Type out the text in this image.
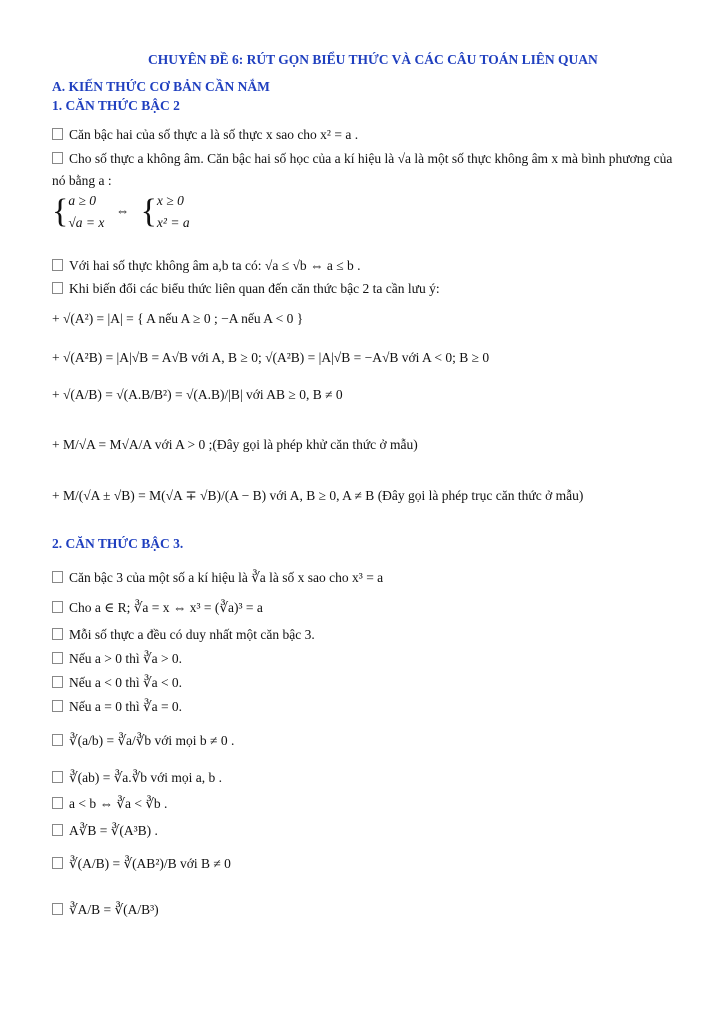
CHUYÊN ĐỀ 6: RÚT GỌN BIỂU THỨC VÀ CÁC CÂU TOÁN LIÊN QUAN
A. KIẾN THỨC CƠ BẢN CẦN NẮM
1. CĂN THỨC BẬC 2
Căn bậc hai của số thực a là số thực x sao cho x² = a .
Cho số thực a không âm. Căn bậc hai số học của a kí hiệu là √a là một số thực không âm x mà bình phương của nó bằng a :
{ a ≥ 0
√a = x
⇔ { x ≥ 0
x² = a
Với hai số thực không âm a,b ta có: √a ≤ √b ⇔ a ≤ b .
Khi biến đổi các biểu thức liên quan đến căn thức bậc 2 ta cần lưu ý:
+ √(A²) = |A| = { A nếu A ≥ 0 ; −A nếu A < 0 }
+ √(A²B) = |A|√B = A√B với A, B ≥ 0; √(A²B) = |A|√B = −A√B với A < 0; B ≥ 0
+ √(A/B) = √(A.B/B²) = √(A.B)/|B| với AB ≥ 0, B ≠ 0
+ M/√A = M√A/A với A > 0 ;(Đây gọi là phép khử căn thức ở mẫu)
+ M/(√A ± √B) = M(√A ∓ √B)/(A − B) với A, B ≥ 0, A ≠ B (Đây gọi là phép trục căn thức ở mẫu)
2. CĂN THỨC BẬC 3.
Căn bậc 3 của một số a kí hiệu là ∛a là số x sao cho x³ = a
Cho a ∈ R; ∛a = x ⇔ x³ = (∛a)³ = a
Mỗi số thực a đều có duy nhất một căn bậc 3.
Nếu a > 0 thì ∛a > 0.
Nếu a < 0 thì ∛a < 0.
Nếu a = 0 thì ∛a = 0.
∛(a/b) = ∛a/∛b với mọi b ≠ 0 .
∛(ab) = ∛a.∛b với mọi a, b .
a < b ⇔ ∛a < ∛b .
A∛B = ∛(A³B) .
∛(A/B) = ∛(AB²)/B với B ≠ 0
∛A/B = ∛(A/B³)
